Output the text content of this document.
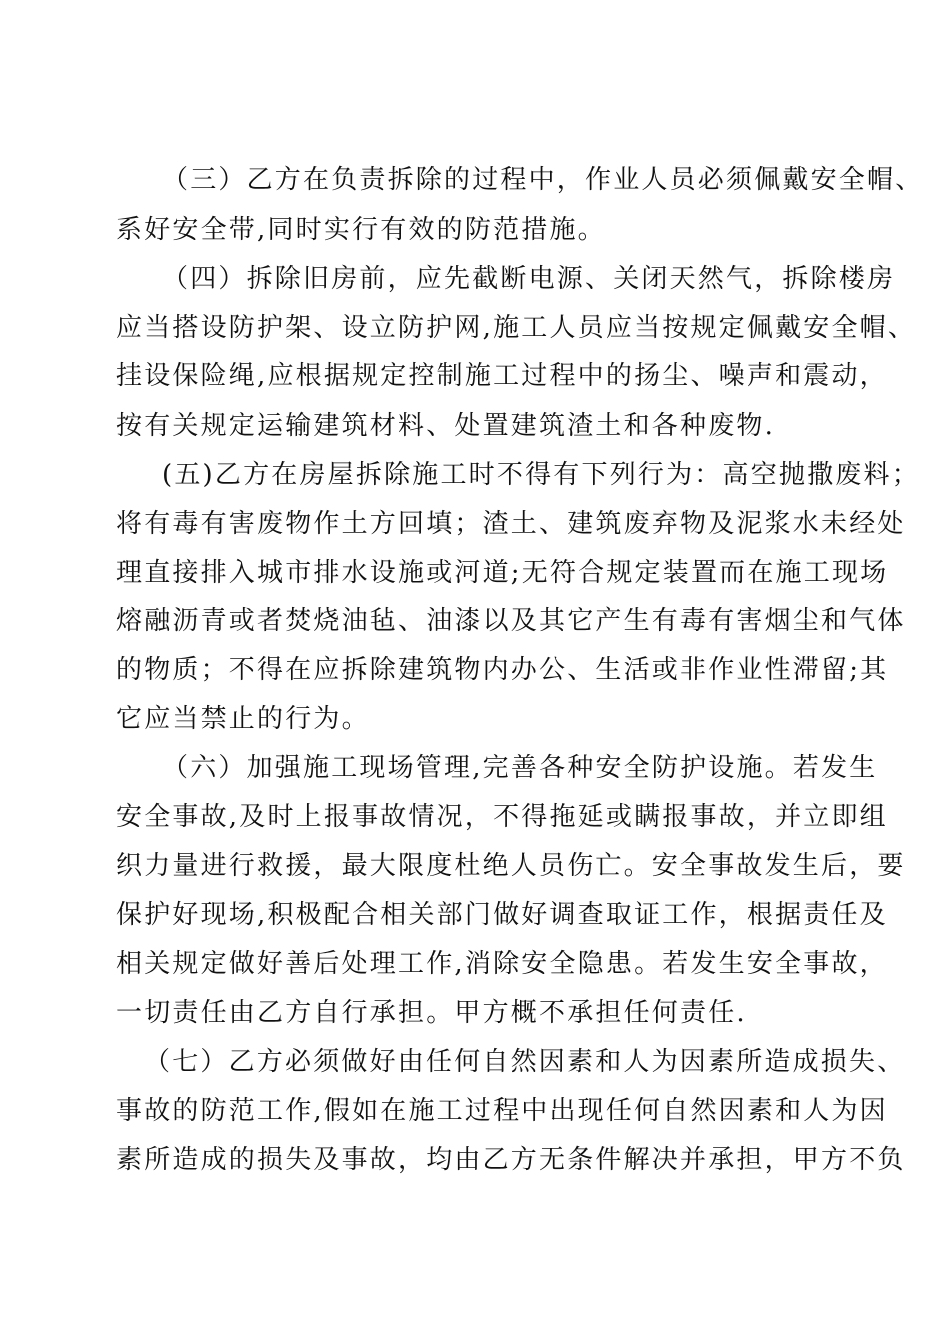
（三）乙方在负责拆除的过程中，作业人员必须佩戴安全帽、
系好安全带,同时实行有效的防范措施。
（四）拆除旧房前，应先截断电源、关闭天然气，拆除楼房
应当搭设防护架、设立防护网,施工人员应当按规定佩戴安全帽、
挂设保险绳,应根据规定控制施工过程中的扬尘、噪声和震动，
按有关规定运输建筑材料、处置建筑渣土和各种废物.
(五)乙方在房屋拆除施工时不得有下列行为：高空抛撒废料；
将有毒有害废物作土方回填；渣土、建筑废弃物及泥浆水未经处
理直接排入城市排水设施或河道;无符合规定装置而在施工现场
熔融沥青或者焚烧油毡、油漆以及其它产生有毒有害烟尘和气体
的物质；不得在应拆除建筑物内办公、生活或非作业性滞留;其
它应当禁止的行为。
（六）加强施工现场管理,完善各种安全防护设施。若发生
安全事故,及时上报事故情况，不得拖延或瞒报事故，并立即组
织力量进行救援，最大限度杜绝人员伤亡。安全事故发生后，要
保护好现场,积极配合相关部门做好调查取证工作，根据责任及
相关规定做好善后处理工作,消除安全隐患。若发生安全事故，
一切责任由乙方自行承担。甲方概不承担任何责任.
（七）乙方必须做好由任何自然因素和人为因素所造成损失、
事故的防范工作,假如在施工过程中出现任何自然因素和人为因
素所造成的损失及事故，均由乙方无条件解决并承担，甲方不负
